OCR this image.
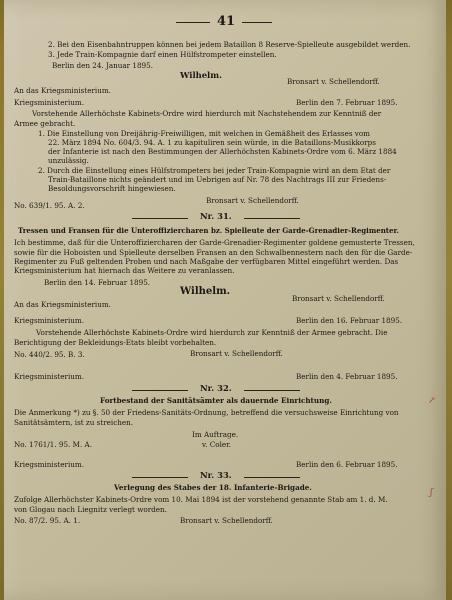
41
2. Bei den Eisenbahntruppen können bei jedem Bataillon 8 Reserve-Spielleute ausgebildet werden.
3. Jede Train-Kompagnie darf einen Hülfstrompeter einstellen.
Berlin den 24. Januar 1895.
Wilhelm.
Bronsart v. Schellendorff.
An das Kriegsministerium.
Kriegsministerium.	Berlin den 7. Februar 1895.
Vorstehende Allerhöchste Kabinets-Ordre wird hierdurch mit Nachstehendem zur Kenntniß der
Armee gebracht.
1. Die Einstellung von Dreijährig-Freiwilligen, mit welchen in Gemäßheit des Erlasses vom
22. März 1894 No. 604/3. 94. A. 1 zu kapituliren sein würde, in die Bataillons-Musikkorps
der Infanterie ist nach den Bestimmungen der Allerhöchsten Kabinets-Ordre vom 6. März 1884
unzulässig.
2. Durch die Einstellung eines Hülfstrompeters bei jeder Train-Kompagnie wird an dem Etat der
Train-Bataillone nichts geändert und im Uebrigen auf Nr. 78 des Nachtrags III zur Friedens-
Besoldungsvorschrift hingewiesen.
Bronsart v. Schellendorff.
No. 639/1. 95. A. 2.
Nr. 31.
Tressen und Fransen für die Unteroffiziercharen bz. Spielleute der Garde-Grenadier-Regimenter.
Ich bestimme, daß für die Unteroffiziercharen der Garde-Grenadier-Regimenter goldene gemusterte Tressen,
sowie für die Hoboisten und Spielleute derselben Fransen an den Schwalbennestern nach den für die Garde-
Regimenter zu Fuß geltenden Proben und nach Maßgabe der verfügbaren Mittel eingeführt werden. Das
Kriegsministerium hat hiernach das Weitere zu veranlassen.
Berlin den 14. Februar 1895.
Wilhelm.
Bronsart v. Schellendorff.
An das Kriegsministerium.
Kriegsministerium.	Berlin den 16. Februar 1895.
Vorstehende Allerhöchste Kabinets-Ordre wird hierdurch zur Kenntniß der Armee gebracht. Die
Berichtigung der Bekleidungs-Etats bleibt vorbehalten.
No. 440/2. 95. B. 3.	Bronsart v. Schellendorff.
Kriegsministerium.	Berlin den 4. Februar 1895.
Nr. 32.
Fortbestand der Sanitätsämter als dauernde Einrichtung.
Die Anmerkung *) zu §. 50 der Friedens-Sanitäts-Ordnung, betreffend die versuchsweise Einrichtung von
Sanitätsämtern, ist zu streichen.
Im Auftrage.
No. 1761/1. 95. M. A.	v. Coler.
Kriegsministerium.	Berlin den 6. Februar 1895.
Nr. 33.
Verlegung des Stabes der 18. Infanterie-Brigade.
Zufolge Allerhöchster Kabinets-Ordre vom 10. Mai 1894 ist der vorstehend genannte Stab am 1. d. M.
von Glogau nach Liegnitz verlegt worden.
No. 87/2. 95. A. 1.	Bronsart v. Schellendorff.
↗
ʃ
